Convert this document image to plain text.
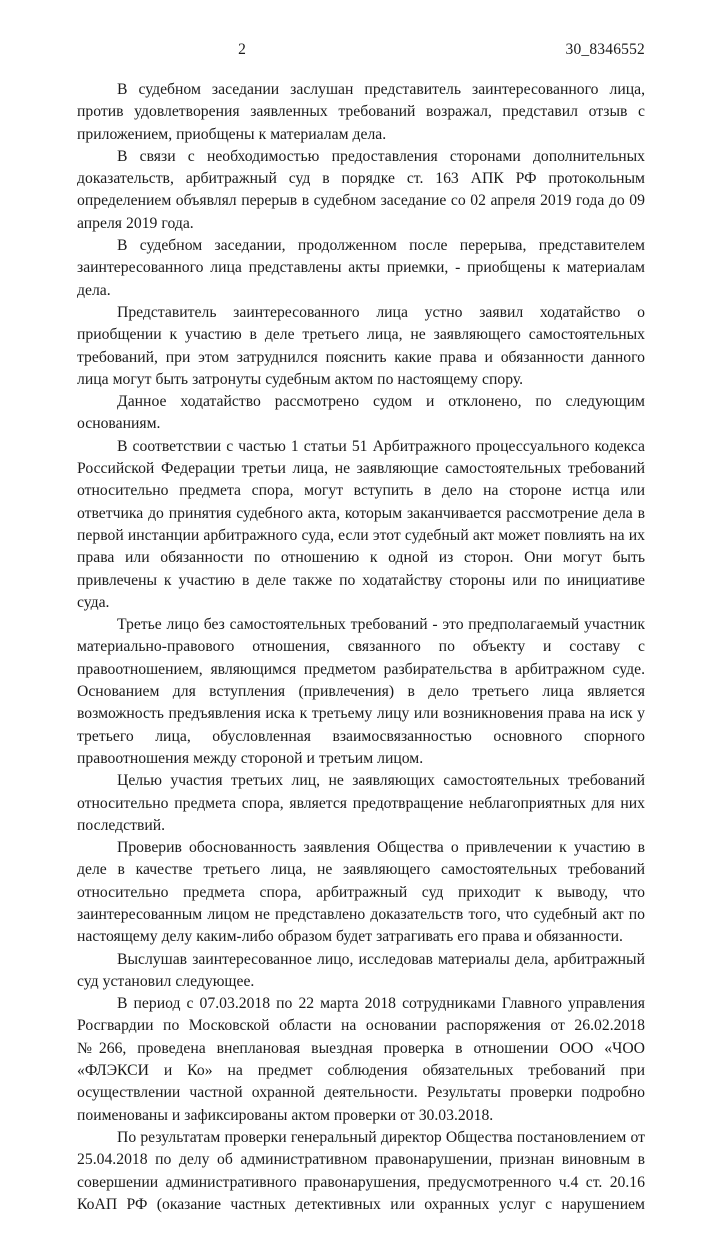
2	30_8346552

В судебном заседании заслушан представитель заинтересованного лица, против удовлетворения заявленных требований возражал, представил отзыв с приложением, приобщены к материалам дела.

В связи с необходимостью предоставления сторонами дополнительных доказательств, арбитражный суд в порядке ст. 163 АПК РФ протокольным определением объявлял перерыв в судебном заседание со 02 апреля 2019 года до 09 апреля 2019 года.

В судебном заседании, продолженном после перерыва, представителем заинтересованного лица представлены акты приемки, - приобщены к материалам дела.

Представитель заинтересованного лица устно заявил ходатайство о приобщении к участию в деле третьего лица, не заявляющего самостоятельных требований, при этом затруднился пояснить какие права и обязанности данного лица могут быть затронуты судебным актом по настоящему спору.

Данное ходатайство рассмотрено судом и отклонено, по следующим основаниям.

В соответствии с частью 1 статьи 51 Арбитражного процессуального кодекса Российской Федерации третьи лица, не заявляющие самостоятельных требований относительно предмета спора, могут вступить в дело на стороне истца или ответчика до принятия судебного акта, которым заканчивается рассмотрение дела в первой инстанции арбитражного суда, если этот судебный акт может повлиять на их права или обязанности по отношению к одной из сторон. Они могут быть привлечены к участию в деле также по ходатайству стороны или по инициативе суда.

Третье лицо без самостоятельных требований - это предполагаемый участник материально-правового отношения, связанного по объекту и составу с правоотношением, являющимся предметом разбирательства в арбитражном суде. Основанием для вступления (привлечения) в дело третьего лица является возможность предъявления иска к третьему лицу или возникновения права на иск у третьего лица, обусловленная взаимосвязанностью основного спорного правоотношения между стороной и третьим лицом.

Целью участия третьих лиц, не заявляющих самостоятельных требований относительно предмета спора, является предотвращение неблагоприятных для них последствий.

Проверив обоснованность заявления Общества о привлечении к участию в деле в качестве третьего лица, не заявляющего самостоятельных требований относительно предмета спора, арбитражный суд приходит к выводу, что заинтересованным лицом не представлено доказательств того, что судебный акт по настоящему делу каким-либо образом будет затрагивать его права и обязанности.

Выслушав заинтересованное лицо, исследовав материалы дела, арбитражный суд установил следующее.

В период с 07.03.2018 по 22 марта 2018 сотрудниками Главного управления Росгвардии по Московской области на основании распоряжения от 26.02.2018 №266, проведена внеплановая выездная проверка в отношении ООО «ЧОО «ФЛЭКСИ и Ко» на предмет соблюдения обязательных требований при осуществлении частной охранной деятельности. Результаты проверки подробно поименованы и зафиксированы актом проверки от 30.03.2018.

По результатам проверки генеральный директор Общества постановлением от 25.04.2018 по делу об административном правонарушении, признан виновным в совершении административного правонарушения, предусмотренного ч.4 ст. 20.16 КоАП РФ (оказание частных детективных или охранных услуг с нарушением
